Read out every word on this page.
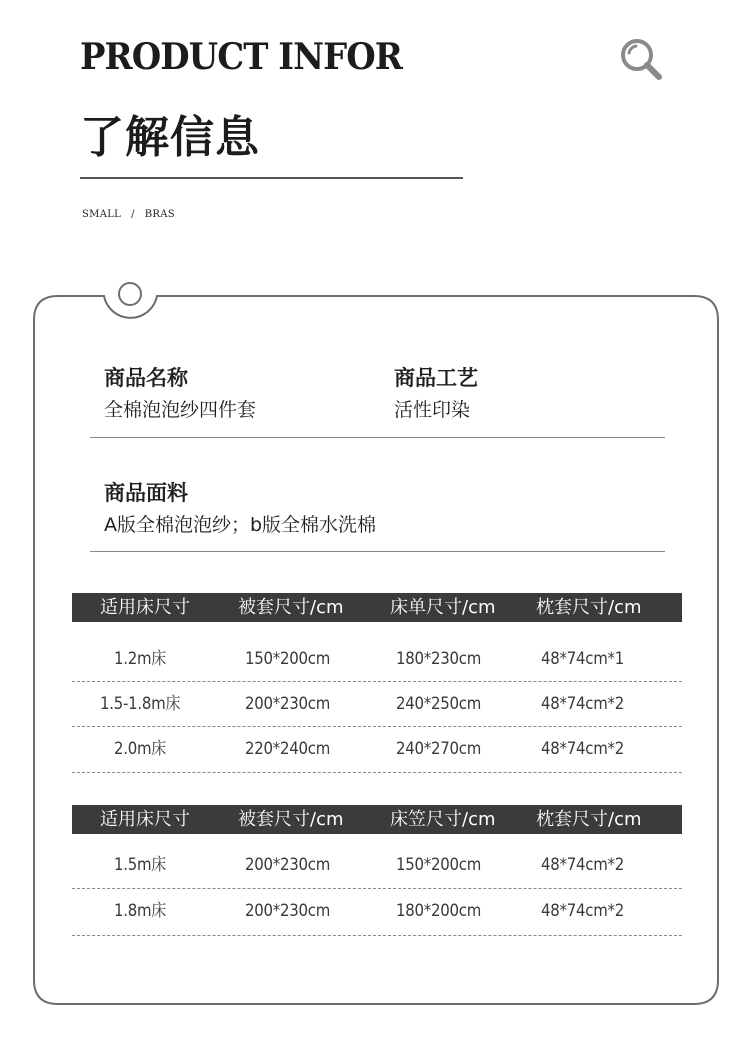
PRODUCT INFOR
了解信息
SMALL / BRAS
商品名称
全棉泡泡纱四件套
商品工艺
活性印染
商品面料
A版全棉泡泡纱；b版全棉水洗棉
适用床尺寸	被套尺寸/cm	床单尺寸/cm 枕套尺寸/cm
1.2m床	150*200cm	180*230cm	48*74cm*1
1.5-1.8m床	200*230cm	240*250cm	48*74cm*2
2.0m床	220*240cm	240*270cm	48*74cm*2
适用床尺寸	被套尺寸/cm	床笠尺寸/cm 枕套尺寸/cm
1.5m床	200*230cm	150*200cm	48*74cm*2
1.8m床	200*230cm	180*200cm	48*74cm*2
